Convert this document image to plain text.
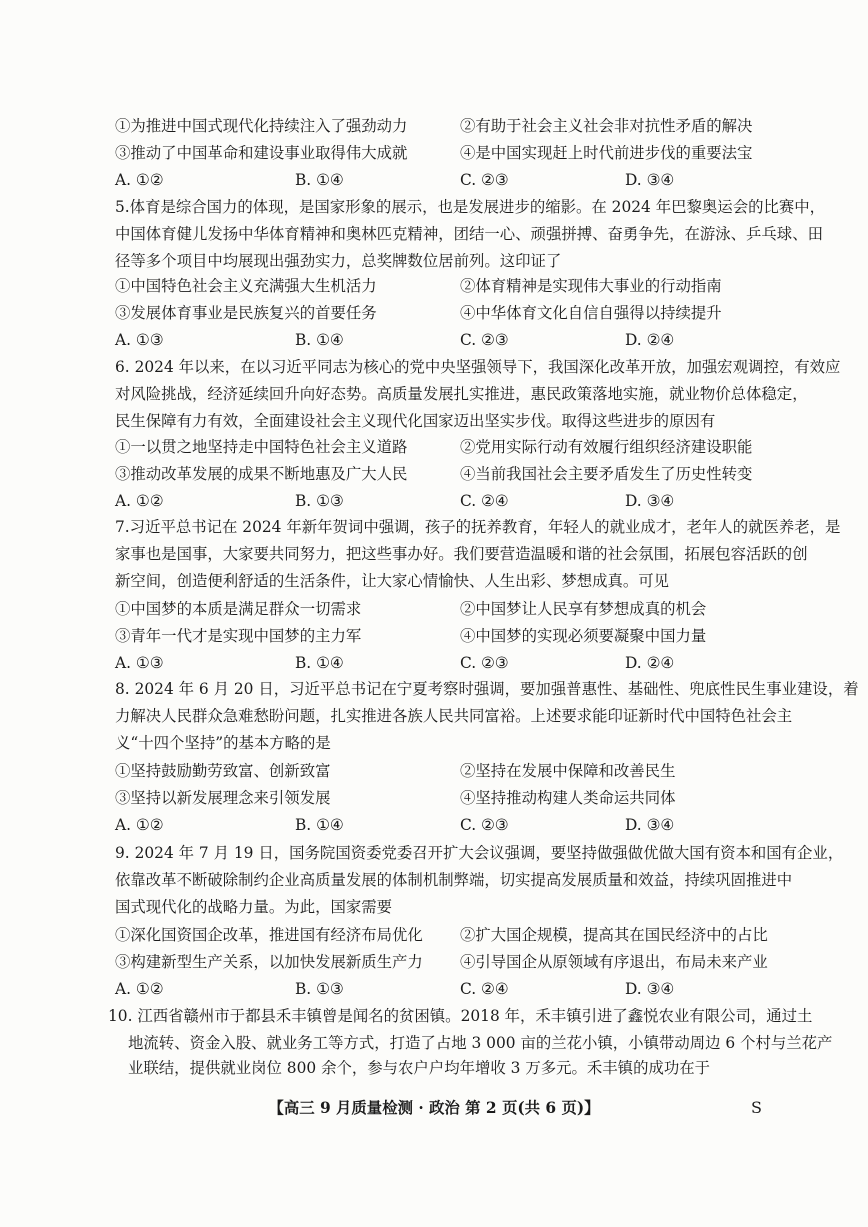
①为推进中国式现代化持续注入了强劲动力	②有助于社会主义社会非对抗性矛盾的解决
③推动了中国革命和建设事业取得伟大成就	④是中国实现赶上时代前进步伐的重要法宝
A. ①②	B. ①④	C. ②③	D. ③④
5.体育是综合国力的体现，是国家形象的展示，也是发展进步的缩影。在 2024 年巴黎奥运会的比赛中，
中国体育健儿发扬中华体育精神和奥林匹克精神，团结一心、顽强拼搏、奋勇争先，在游泳、乒乓球、田
径等多个项目中均展现出强劲实力，总奖牌数位居前列。这印证了
①中国特色社会主义充满强大生机活力	②体育精神是实现伟大事业的行动指南
③发展体育事业是民族复兴的首要任务	④中华体育文化自信自强得以持续提升
A. ①③	B. ①④	C. ②③	D. ②④
6. 2024 年以来，在以习近平同志为核心的党中央坚强领导下，我国深化改革开放，加强宏观调控，有效应
对风险挑战，经济延续回升向好态势。高质量发展扎实推进，惠民政策落地实施，就业物价总体稳定，
民生保障有力有效，全面建设社会主义现代化国家迈出坚实步伐。取得这些进步的原因有
①一以贯之地坚持走中国特色社会主义道路	②党用实际行动有效履行组织经济建设职能
③推动改革发展的成果不断地惠及广大人民	④当前我国社会主要矛盾发生了历史性转变
A. ①②	B. ①③	C. ②④	D. ③④
7.习近平总书记在 2024 年新年贺词中强调，孩子的抚养教育，年轻人的就业成才，老年人的就医养老，是
家事也是国事，大家要共同努力，把这些事办好。我们要营造温暖和谐的社会氛围，拓展包容活跃的创
新空间，创造便利舒适的生活条件，让大家心情愉快、人生出彩、梦想成真。可见
①中国梦的本质是满足群众一切需求	②中国梦让人民享有梦想成真的机会
③青年一代才是实现中国梦的主力军	④中国梦的实现必须要凝聚中国力量
A. ①③	B. ①④	C. ②③	D. ②④
8. 2024 年 6 月 20 日，习近平总书记在宁夏考察时强调，要加强普惠性、基础性、兜底性民生事业建设，着
力解决人民群众急难愁盼问题，扎实推进各族人民共同富裕。上述要求能印证新时代中国特色社会主
义“十四个坚持”的基本方略的是
①坚持鼓励勤劳致富、创新致富	②坚持在发展中保障和改善民生
③坚持以新发展理念来引领发展	④坚持推动构建人类命运共同体
A. ①②	B. ①④	C. ②③	D. ③④
9. 2024 年 7 月 19 日，国务院国资委党委召开扩大会议强调，要坚持做强做优做大国有资本和国有企业，
依靠改革不断破除制约企业高质量发展的体制机制弊端，切实提高发展质量和效益，持续巩固推进中
国式现代化的战略力量。为此，国家需要
①深化国资国企改革，推进国有经济布局优化 ②扩大国企规模，提高其在国民经济中的占比
③构建新型生产关系，以加快发展新质生产力 ④引导国企从原领域有序退出，布局未来产业
A. ①②	B. ①③	C. ②④	D. ③④
10. 江西省赣州市于都县禾丰镇曾是闻名的贫困镇。2018 年，禾丰镇引进了鑫悦农业有限公司，通过土
地流转、资金入股、就业务工等方式，打造了占地 3 000 亩的兰花小镇，小镇带动周边 6 个村与兰花产
业联结，提供就业岗位 800 余个，参与农户户均年增收 3 万多元。禾丰镇的成功在于
【高三 9 月质量检测 · 政治 第 2 页(共 6 页)】	S
